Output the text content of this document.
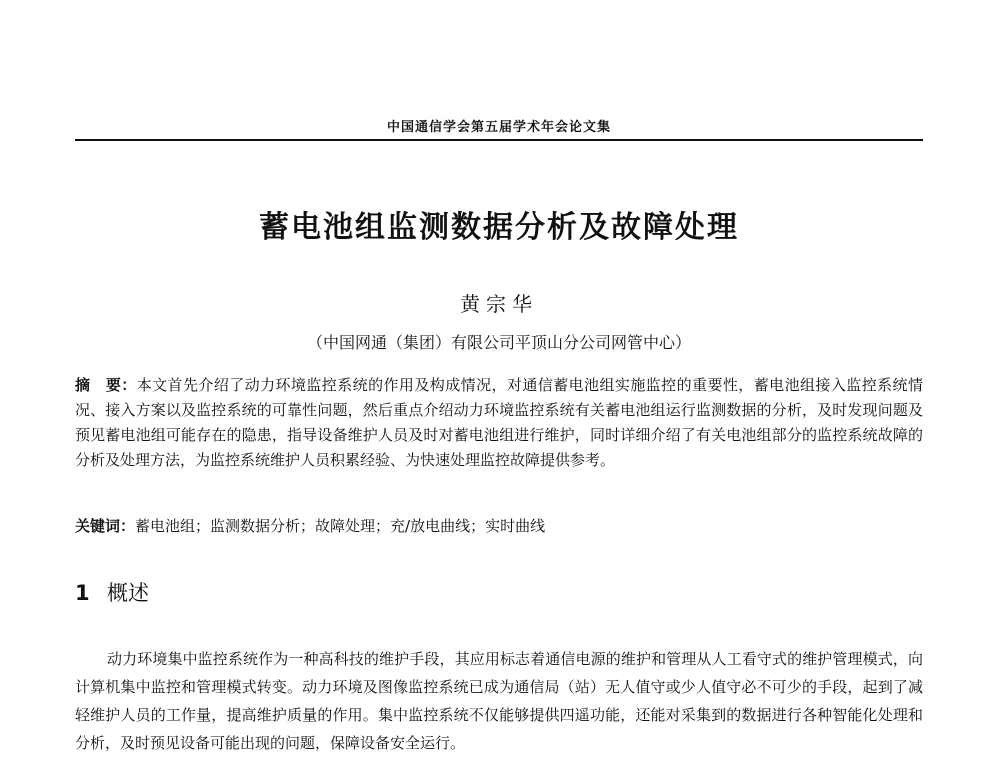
中国通信学会第五届学术年会论文集
蓄电池组监测数据分析及故障处理
黄宗华
（中国网通（集团）有限公司平顶山分公司网管中心）

摘　要：本文首先介绍了动力环境监控系统的作用及构成情况，对通信蓄电池组实施监控的重要性，蓄电池组接入监控系统情况、接入方案以及监控系统的可靠性问题，然后重点介绍动力环境监控系统有关蓄电池组运行监测数据的分析，及时发现问题及预见蓄电池组可能存在的隐患，指导设备维护人员及时对蓄电池组进行维护，同时详细介绍了有关电池组部分的监控系统故障的分析及处理方法，为监控系统维护人员积累经验、为快速处理监控故障提供参考。

关键词：蓄电池组；监测数据分析；故障处理；充/放电曲线；实时曲线

1 概述

动力环境集中监控系统作为一种高科技的维护手段，其应用标志着通信电源的维护和管理从人工看守式的维护管理模式，向计算机集中监控和管理模式转变。动力环境及图像监控系统已成为通信局（站）无人值守或少人值守必不可少的手段，起到了减轻维护人员的工作量，提高维护质量的作用。集中监控系统不仅能够提供四遥功能，还能对采集到的数据进行各种智能化处理和分析，及时预见设备可能出现的问题，保障设备安全运行。
